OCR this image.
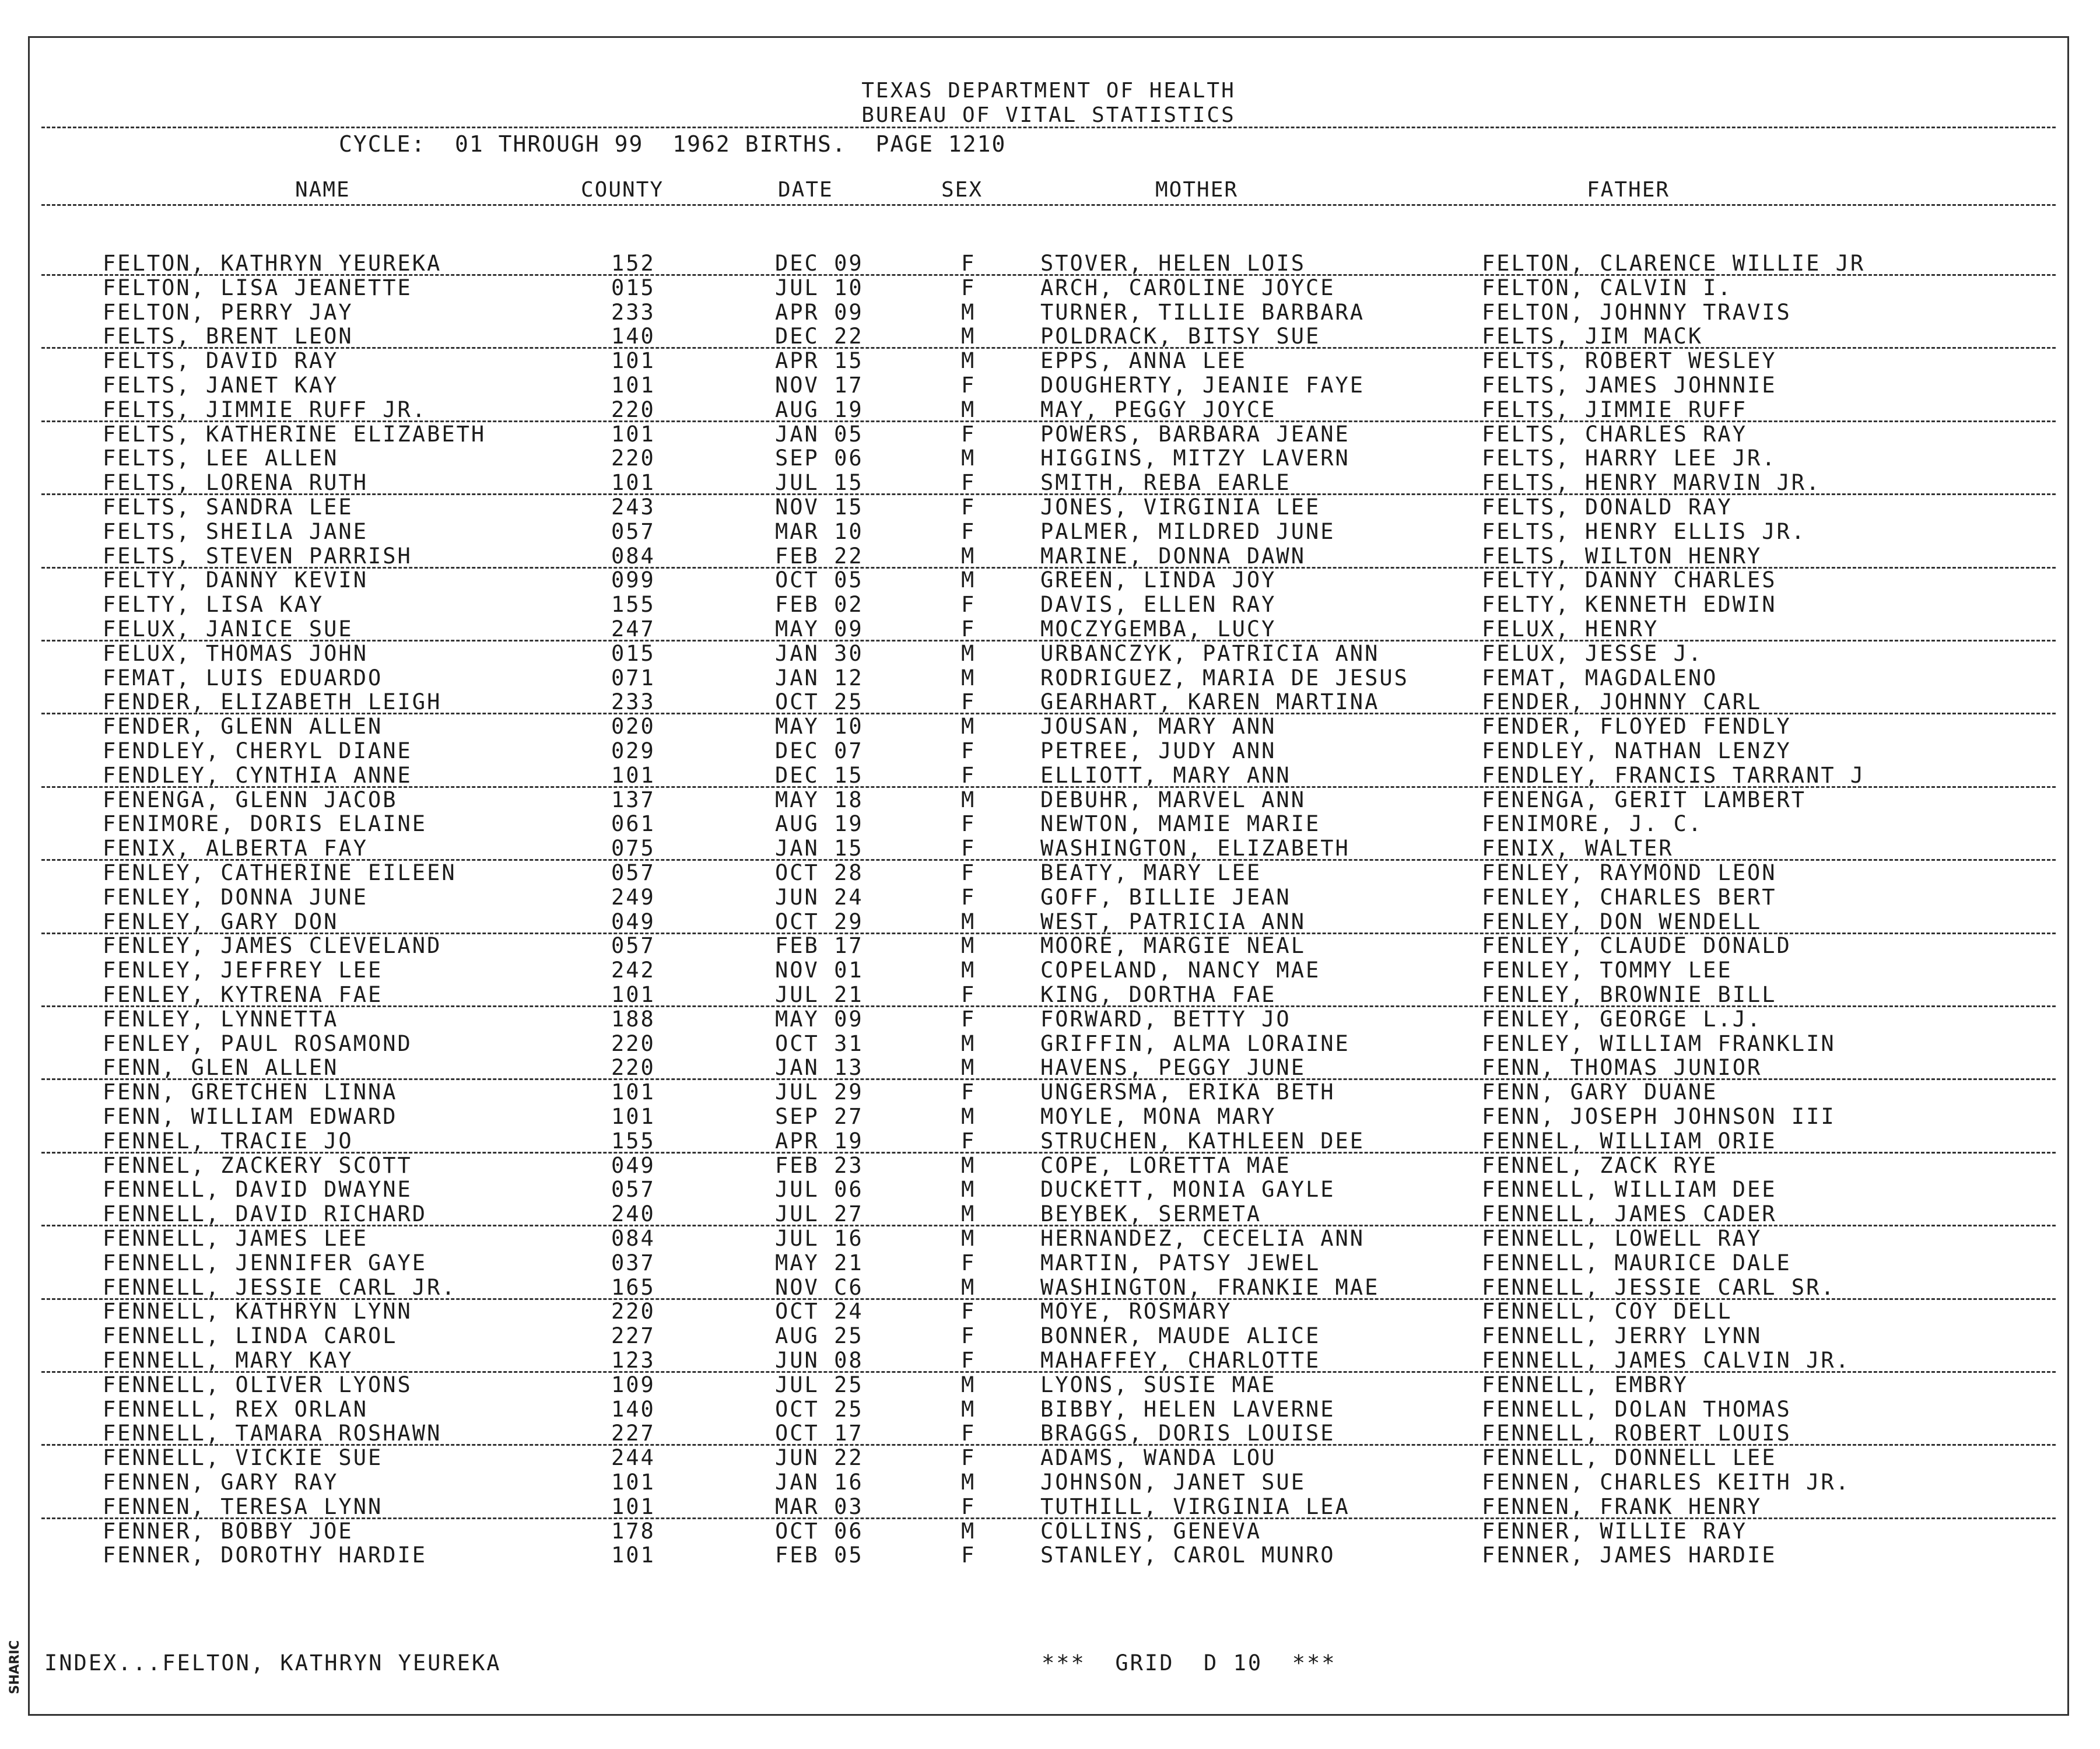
TEXAS DEPARTMENT OF HEALTH
BUREAU OF VITAL STATISTICS
CYCLE:  01 THROUGH 99  1962 BIRTHS.  PAGE 1210
NAME	COUNTY	DATE	SEX	MOTHER	FATHER
FELTON, KATHRYN YEUREKA	152	DEC 09	F	STOVER, HELEN LOIS	FELTON, CLARENCE WILLIE JR
FELTON, LISA JEANETTE	015	JUL 10	F	ARCH, CAROLINE JOYCE	FELTON, CALVIN I.
FELTON, PERRY JAY	233	APR 09	M	TURNER, TILLIE BARBARA	FELTON, JOHNNY TRAVIS
FELTS, BRENT LEON	140	DEC 22	M	POLDRACK, BITSY SUE	FELTS, JIM MACK
FELTS, DAVID RAY	101	APR 15	M	EPPS, ANNA LEE	FELTS, ROBERT WESLEY
FELTS, JANET KAY	101	NOV 17	F	DOUGHERTY, JEANIE FAYE	FELTS, JAMES JOHNNIE
FELTS, JIMMIE RUFF JR.	220	AUG 19	M	MAY, PEGGY JOYCE	FELTS, JIMMIE RUFF
FELTS, KATHERINE ELIZABETH	101	JAN 05	F	POWERS, BARBARA JEANE	FELTS, CHARLES RAY
FELTS, LEE ALLEN	220	SEP 06	M	HIGGINS, MITZY LAVERN	FELTS, HARRY LEE JR.
FELTS, LORENA RUTH	101	JUL 15	F	SMITH, REBA EARLE	FELTS, HENRY MARVIN JR.
FELTS, SANDRA LEE	243	NOV 15	F	JONES, VIRGINIA LEE	FELTS, DONALD RAY
FELTS, SHEILA JANE	057	MAR 10	F	PALMER, MILDRED JUNE	FELTS, HENRY ELLIS JR.
FELTS, STEVEN PARRISH	084	FEB 22	M	MARINE, DONNA DAWN	FELTS, WILTON HENRY
FELTY, DANNY KEVIN	099	OCT 05	M	GREEN, LINDA JOY	FELTY, DANNY CHARLES
FELTY, LISA KAY	155	FEB 02	F	DAVIS, ELLEN RAY	FELTY, KENNETH EDWIN
FELUX, JANICE SUE	247	MAY 09	F	MOCZYGEMBA, LUCY	FELUX, HENRY
FELUX, THOMAS JOHN	015	JAN 30	M	URBANCZYK, PATRICIA ANN	FELUX, JESSE J.
FEMAT, LUIS EDUARDO	071	JAN 12	M	RODRIGUEZ, MARIA DE JESUS	FEMAT, MAGDALENO
FENDER, ELIZABETH LEIGH	233	OCT 25	F	GEARHART, KAREN MARTINA	FENDER, JOHNNY CARL
FENDER, GLENN ALLEN	020	MAY 10	M	JOUSAN, MARY ANN	FENDER, FLOYED FENDLY
FENDLEY, CHERYL DIANE	029	DEC 07	F	PETREE, JUDY ANN	FENDLEY, NATHAN LENZY
FENDLEY, CYNTHIA ANNE	101	DEC 15	F	ELLIOTT, MARY ANN	FENDLEY, FRANCIS TARRANT J
FENENGA, GLENN JACOB	137	MAY 18	M	DEBUHR, MARVEL ANN	FENENGA, GERIT LAMBERT
FENIMORE, DORIS ELAINE	061	AUG 19	F	NEWTON, MAMIE MARIE	FENIMORE, J. C.
FENIX, ALBERTA FAY	075	JAN 15	F	WASHINGTON, ELIZABETH	FENIX, WALTER
FENLEY, CATHERINE EILEEN	057	OCT 28	F	BEATY, MARY LEE	FENLEY, RAYMOND LEON
FENLEY, DONNA JUNE	249	JUN 24	F	GOFF, BILLIE JEAN	FENLEY, CHARLES BERT
FENLEY, GARY DON	049	OCT 29	M	WEST, PATRICIA ANN	FENLEY, DON WENDELL
FENLEY, JAMES CLEVELAND	057	FEB 17	M	MOORE, MARGIE NEAL	FENLEY, CLAUDE DONALD
FENLEY, JEFFREY LEE	242	NOV 01	M	COPELAND, NANCY MAE	FENLEY, TOMMY LEE
FENLEY, KYTRENA FAE	101	JUL 21	F	KING, DORTHA FAE	FENLEY, BROWNIE BILL
FENLEY, LYNNETTA	188	MAY 09	F	FORWARD, BETTY JO	FENLEY, GEORGE L.J.
FENLEY, PAUL ROSAMOND	220	OCT 31	M	GRIFFIN, ALMA LORAINE	FENLEY, WILLIAM FRANKLIN
FENN, GLEN ALLEN	220	JAN 13	M	HAVENS, PEGGY JUNE	FENN, THOMAS JUNIOR
FENN, GRETCHEN LINNA	101	JUL 29	F	UNGERSMA, ERIKA BETH	FENN, GARY DUANE
FENN, WILLIAM EDWARD	101	SEP 27	M	MOYLE, MONA MARY	FENN, JOSEPH JOHNSON III
FENNEL, TRACIE JO	155	APR 19	F	STRUCHEN, KATHLEEN DEE	FENNEL, WILLIAM ORIE
FENNEL, ZACKERY SCOTT	049	FEB 23	M	COPE, LORETTA MAE	FENNEL, ZACK RYE
FENNELL, DAVID DWAYNE	057	JUL 06	M	DUCKETT, MONIA GAYLE	FENNELL, WILLIAM DEE
FENNELL, DAVID RICHARD	240	JUL 27	M	BEYBEK, SERMETA	FENNELL, JAMES CADER
FENNELL, JAMES LEE	084	JUL 16	M	HERNANDEZ, CECELIA ANN	FENNELL, LOWELL RAY
FENNELL, JENNIFER GAYE	037	MAY 21	F	MARTIN, PATSY JEWEL	FENNELL, MAURICE DALE
FENNELL, JESSIE CARL JR.	165	NOV C6	M	WASHINGTON, FRANKIE MAE	FENNELL, JESSIE CARL SR.
FENNELL, KATHRYN LYNN	220	OCT 24	F	MOYE, ROSMARY	FENNELL, COY DELL
FENNELL, LINDA CAROL	227	AUG 25	F	BONNER, MAUDE ALICE	FENNELL, JERRY LYNN
FENNELL, MARY KAY	123	JUN 08	F	MAHAFFEY, CHARLOTTE	FENNELL, JAMES CALVIN JR.
FENNELL, OLIVER LYONS	109	JUL 25	M	LYONS, SUSIE MAE	FENNELL, EMBRY
FENNELL, REX ORLAN	140	OCT 25	M	BIBBY, HELEN LAVERNE	FENNELL, DOLAN THOMAS
FENNELL, TAMARA ROSHAWN	227	OCT 17	F	BRAGGS, DORIS LOUISE	FENNELL, ROBERT LOUIS
FENNELL, VICKIE SUE	244	JUN 22	F	ADAMS, WANDA LOU	FENNELL, DONNELL LEE
FENNEN, GARY RAY	101	JAN 16	M	JOHNSON, JANET SUE	FENNEN, CHARLES KEITH JR.
FENNEN, TERESA LYNN	101	MAR 03	F	TUTHILL, VIRGINIA LEA	FENNEN, FRANK HENRY
FENNER, BOBBY JOE	178	OCT 06	M	COLLINS, GENEVA	FENNER, WILLIE RAY
FENNER, DOROTHY HARDIE	101	FEB 05	F	STANLEY, CAROL MUNRO	FENNER, JAMES HARDIE
INDEX...FELTON, KATHRYN YEUREKA	***  GRID  D 10  ***
SHARIC
